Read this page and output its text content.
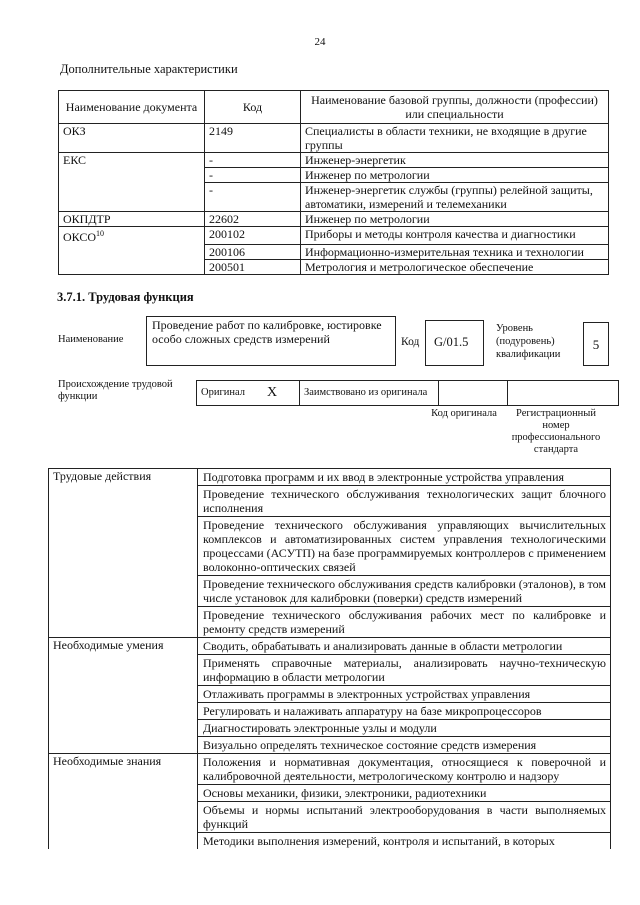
24
Дополнительные характеристики
Наименование документа	Код	Наименование базовой группы, должности (профессии) или специальности
ОКЗ	2149	Специалисты в области техники, не входящие в другие группы
ЕКС	-	Инженер-энергетик
	-	Инженер по метрологии
	-	Инженер-энергетик службы (группы) релейной защиты, автоматики, измерений и телемеханики
ОКПДТР	22602	Инженер по метрологии
ОКСО$^{10}$	200102	Приборы и методы контроля качества и диагностики
	200106	Информационно-измерительная техника и технологии
	200501	Метрология и метрологическое обеспечение
3.7.1. Трудовая функция
Наименование
Проведение работ по калибровке, юстировке особо сложных средств измерений	Код	G/01.5
Уровень (подуровень) квалификации
5
Происхождение трудовой функции	Оригинал	X	Заимствовано из оригинала		
Код оригинала	Регистрационный номер профессионального стандарта
Трудовые действия	Подготовка программ и их ввод в электронные устройства управления
	Проведение технического обслуживания технологических защит блочного исполнения
	Проведение технического обслуживания управляющих вычислительных комплексов и автоматизированных систем управления технологическими процессами (АСУТП) на базе программируемых контроллеров с применением волоконно-оптических связей
	Проведение технического обслуживания средств калибровки (эталонов), в том числе установок для калибровки (поверки) средств измерений
	Проведение технического обслуживания рабочих мест по калибровке и ремонту средств измерений
Необходимые умения	Сводить, обрабатывать и анализировать данные в области метрологии
	Применять справочные материалы, анализировать научно-техническую информацию в области метрологии
	Отлаживать программы в электронных устройствах управления
	Регулировать и налаживать аппаратуру на базе микропроцессоров
	Диагностировать электронные узлы и модули
	Визуально определять техническое состояние средств измерения
Необходимые знания	Положения и нормативная документация, относящиеся к поверочной и калибровочной деятельности, метрологическому контролю и надзору
	Основы механики, физики, электроники, радиотехники
	Объемы и нормы испытаний электрооборудования в части выполняемых функций
	Методики выполнения измерений, контроля и испытаний, в которых
